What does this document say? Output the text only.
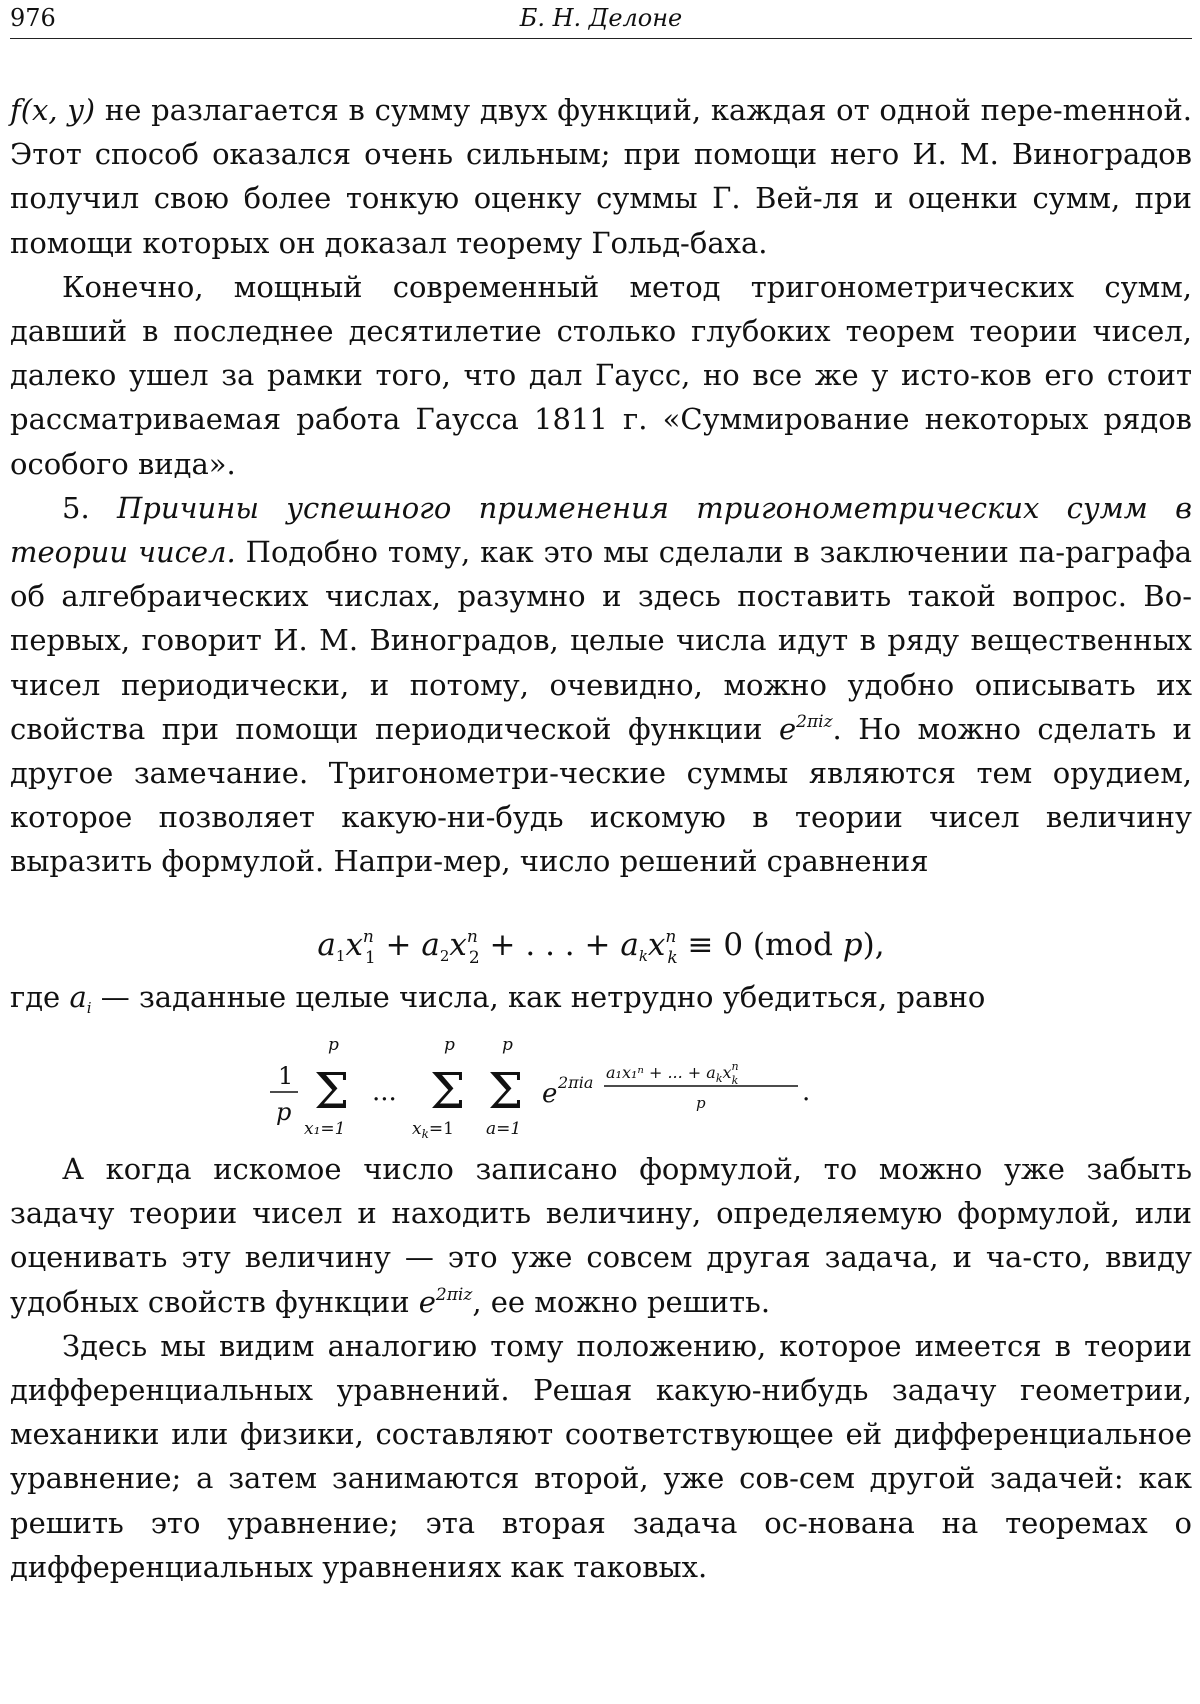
976	Б. Н. Делоне

f(x, y) не разлагается в сумму двух функций, каждая от одной пере-mенной. Этот способ оказался очень сильным; при помощи него И. М. Виноградов получил свою более тонкую оценку суммы Г. Вей-ля и оценки сумм, при помощи которых он доказал теорему Гольд-баха.

Конечно, мощный современный метод тригонометрических сумм, давший в последнее десятилетие столько глубоких теорем теории чисел, далеко ушел за рамки того, что дал Гаусс, но все же у исто-ков его стоит рассматриваемая работа Гаусса 1811 г. «Суммирование некоторых рядов особого вида».

5. Причины успешного применения тригонометрических сумм в теории чисел. Подобно тому, как это мы сделали в заключении па-раграфа об алгебраических числах, разумно и здесь поставить такой вопрос. Во-первых, говорит И. М. Виноградов, целые числа идут в ряду вещественных чисел периодически, и потому, очевидно, можно удобно описывать их свойства при помощи периодической функции $e^{2\pi iz}$. Но можно сделать и другое замечание. Тригонометри-ческие суммы являются тем орудием, которое позволяет какую-ни-будь искомую в теории чисел величину выразить формулой. Напри-мер, число решений сравнения

$a1x^n_1 + a2x^n_2$ + . . . + akx$^n_k$ ≡ 0 (mod p),
где $a_i$ — заданные целые числа, как нетрудно убедиться, равно
1
p
p
Σ
x₁=1
...
p
Σ
$x_k=1$
p
Σ
a=1
e 2πia
a₁x₁ⁿ + ... + $a_kx^n$ k
p	.

А когда искомое число записано формулой, то можно уже забыть задачу теории чисел и находить величину, определяемую формулой, или оценивать эту величину — это уже совсем другая задача, и ча-сто, ввиду удобных свойств функции $e^{2\pi iz}$, ее можно решить.

Здесь мы видим аналогию тому положению, которое имеется в теории дифференциальных уравнений. Решая какую-нибудь задачу геометрии, механики или физики, составляют соответствующее ей дифференциальное уравнение; а затем занимаются второй, уже сов-сем другой задачей: как решить это уравнение; эта вторая задача ос-нована на теоремах о дифференциальных уравнениях как таковых.
